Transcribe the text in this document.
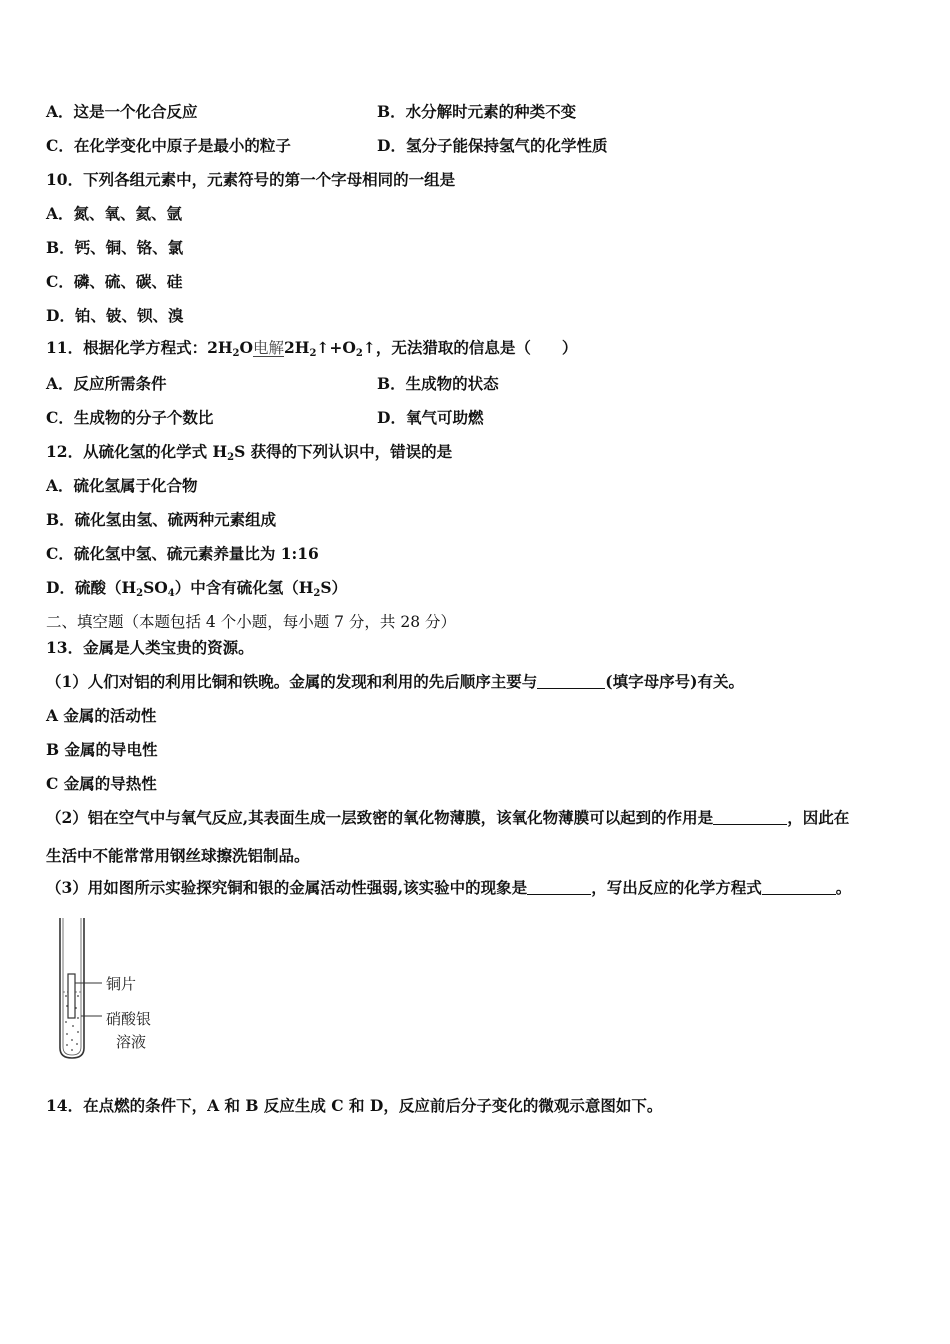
A．这是一个化合反应	B．水分解时元素的种类不变
C．在化学变化中原子是最小的粒子	D．氢分子能保持氢气的化学性质
10．下列各组元素中，元素符号的第一个字母相同的一组是
A．氮、氧、氦、氩
B．钙、铜、铬、氯
C．磷、硫、碳、硅
D．铂、铍、钡、溴
11．根据化学方程式：$2H_2O$电解$2H_2↑+O_2↑$，无法猎取的信息是（　　）
A．反应所需条件	B．生成物的状态
C．生成物的分子个数比	D．氧气可助燃
12．从硫化氢的化学式 $H_2S$ 获得的下列认识中，错误的是
A．硫化氢属于化合物
B．硫化氢由氢、硫两种元素组成
C．硫化氢中氢、硫元素养量比为 1:16
D．硫酸$(H_2SO_4)$中含有硫化氢$(H_2S)$
二、填空题（本题包括 4 个小题，每小题 7 分，共 28 分）
13．金属是人类宝贵的资源。
（1）人们对铝的利用比铜和铁晚。金属的发现和利用的先后顺序主要与	(填字母序号)有关。
A 金属的活动性
B 金属的导电性
C 金属的导热性
（2）铝在空气中与氧气反应,其表面生成一层致密的氧化物薄膜，该氧化物薄膜可以起到的作用是	，因此在
生活中不能常常用钢丝球擦洗铝制品。
（3）用如图所示实验探究铜和银的金属活动性强弱,该实验中的现象是	，写出反应的化学方程式	。
铜片
硝酸银
溶液
14．在点燃的条件下，A 和 B 反应生成 C 和 D，反应前后分子变化的微观示意图如下。
